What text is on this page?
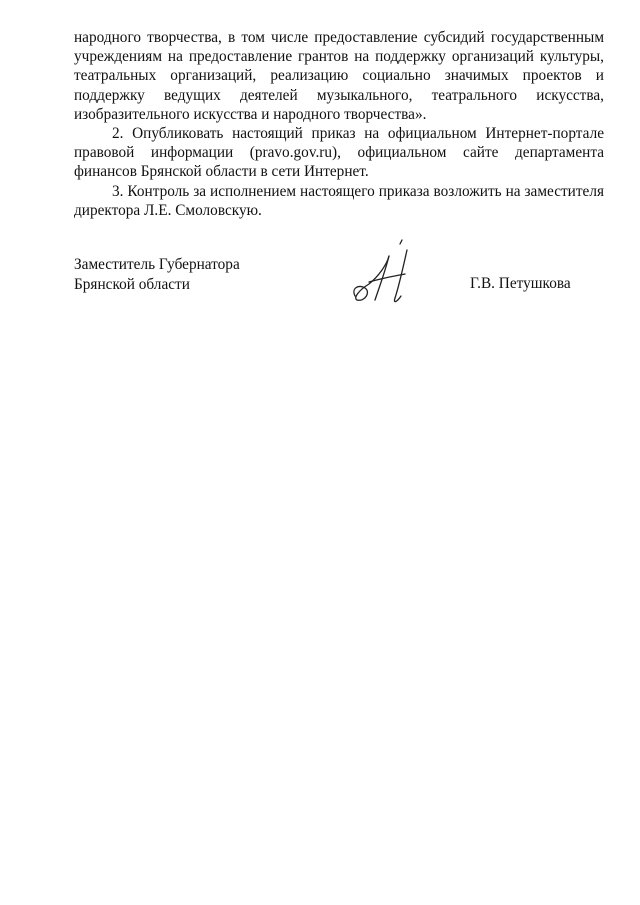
народного творчества, в том числе предоставление субсидий государственным учреждениям на предоставление грантов на поддержку организаций культуры, театральных организаций, реализацию социально значимых проектов и поддержку ведущих деятелей музыкального, театрального искусства, изобразительного искусства и народного творчества».

2. Опубликовать настоящий приказ на официальном Интернет-портале правовой информации (pravo.gov.ru), официальном сайте департамента финансов Брянской области в сети Интернет.

3. Контроль за исполнением настоящего приказа возложить на заместителя директора Л.Е. Смоловскую.

Заместитель Губернатора
Брянской области	Г.В. Петушкова
